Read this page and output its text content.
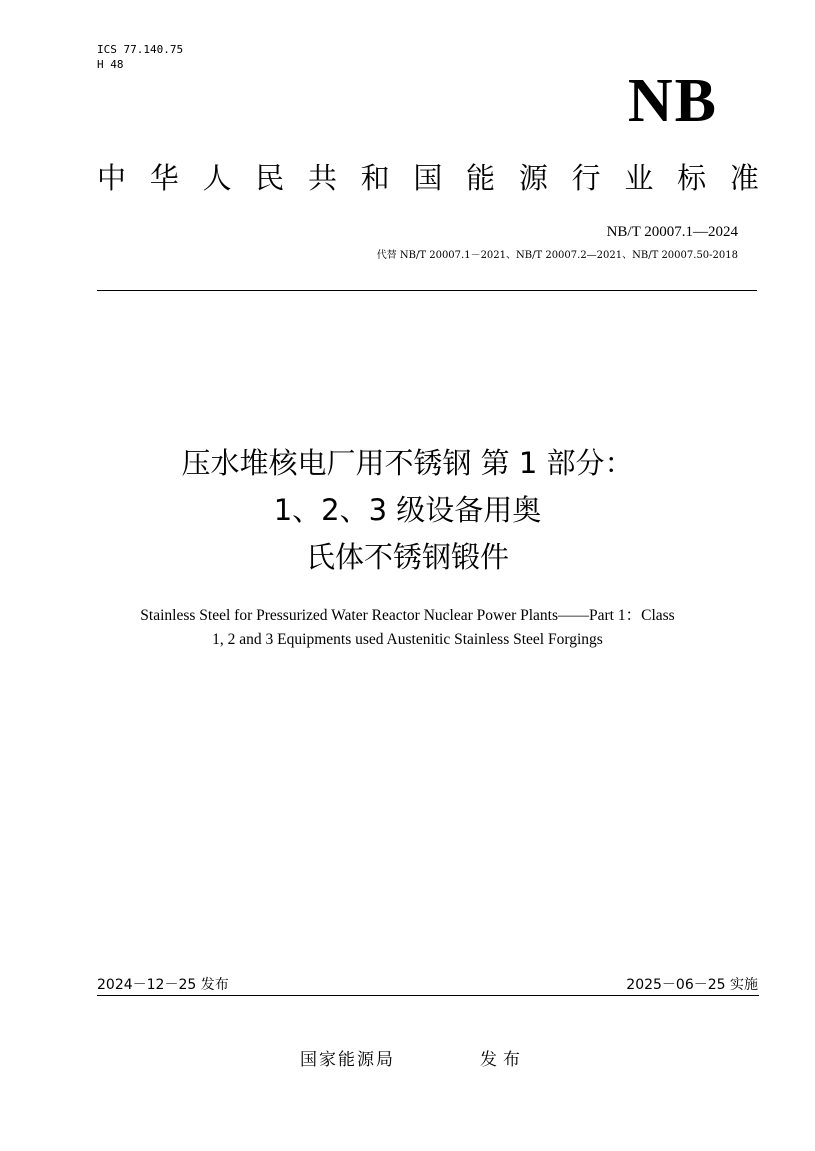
ICS 77.140.75
H 48
NB
中 华 人 民 共 和 国 能 源 行 业 标 准
NB/T 20007.1—2024
代替 NB/T 20007.1－2021、NB/T 20007.2—2021、NB/T 20007.50-2018
压水堆核电厂用不锈钢 第 1 部分：
1、2、3 级设备用奥
氏体不锈钢锻件
Stainless Steel for Pressurized Water Reactor Nuclear Power Plants——Part 1：Class
1, 2 and 3 Equipments used Austenitic Stainless Steel Forgings
2024－12－25 发布	2025－06－25 实施
国家能源局	发布
